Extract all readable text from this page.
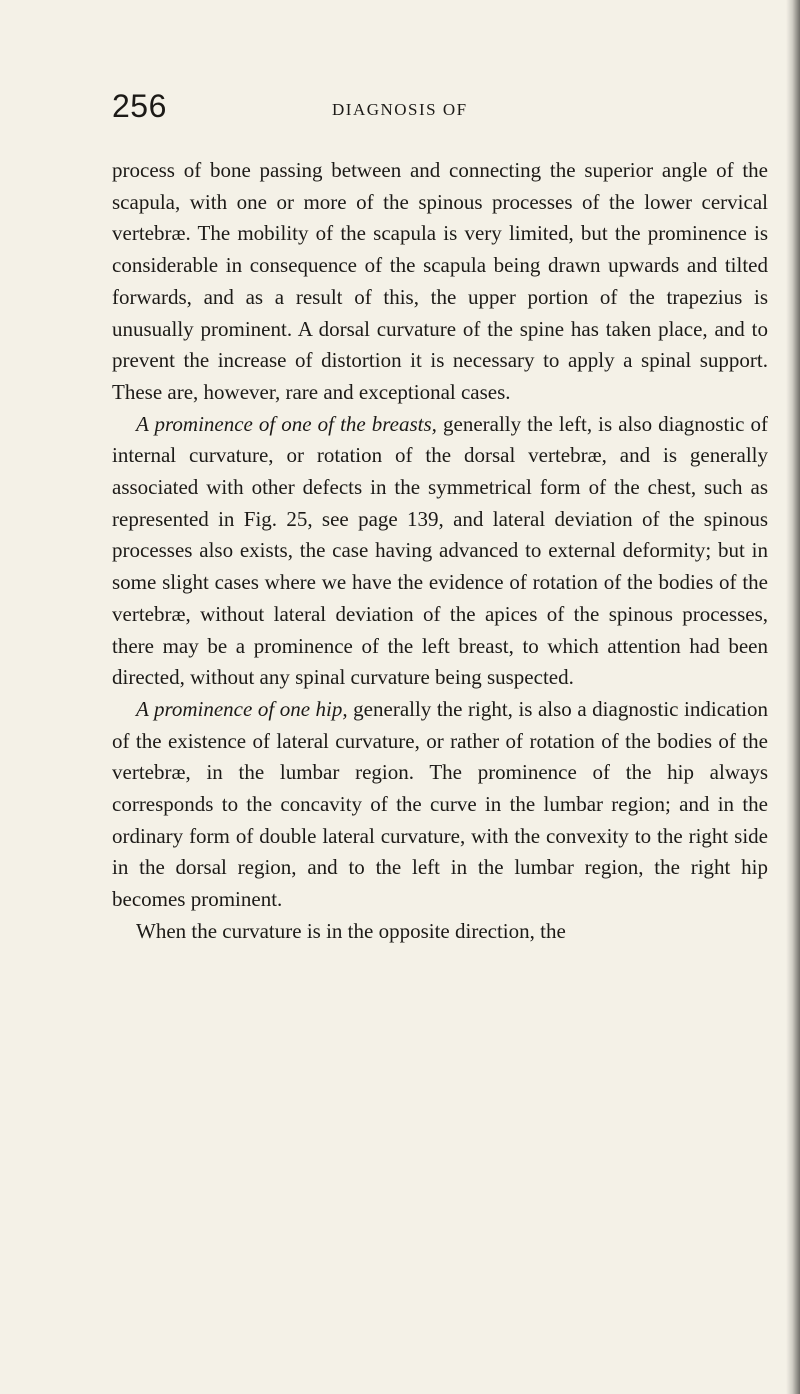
256	DIAGNOSIS OF

process of bone passing between and connecting the superior angle of the scapula, with one or more of the spinous processes of the lower cervical vertebræ. The mobility of the scapula is very limited, but the prominence is considerable in consequence of the scapula being drawn upwards and tilted forwards, and as a result of this, the upper portion of the trapezius is unusually prominent. A dorsal curvature of the spine has taken place, and to prevent the increase of distortion it is necessary to apply a spinal support. These are, however, rare and exceptional cases.

A prominence of one of the breasts, generally the left, is also diagnostic of internal curvature, or rotation of the dorsal vertebræ, and is generally associated with other defects in the symmetrical form of the chest, such as represented in Fig. 25, see page 139, and lateral deviation of the spinous processes also exists, the case having advanced to external deformity; but in some slight cases where we have the evidence of rotation of the bodies of the vertebræ, without lateral deviation of the apices of the spinous processes, there may be a prominence of the left breast, to which attention had been directed, without any spinal curvature being suspected.

A prominence of one hip, generally the right, is also a diagnostic indication of the existence of lateral curvature, or rather of rotation of the bodies of the vertebræ, in the lumbar region. The prominence of the hip always corresponds to the concavity of the curve in the lumbar region; and in the ordinary form of double lateral curvature, with the convexity to the right side in the dorsal region, and to the left in the lumbar region, the right hip becomes prominent.

When the curvature is in the opposite direction, the
